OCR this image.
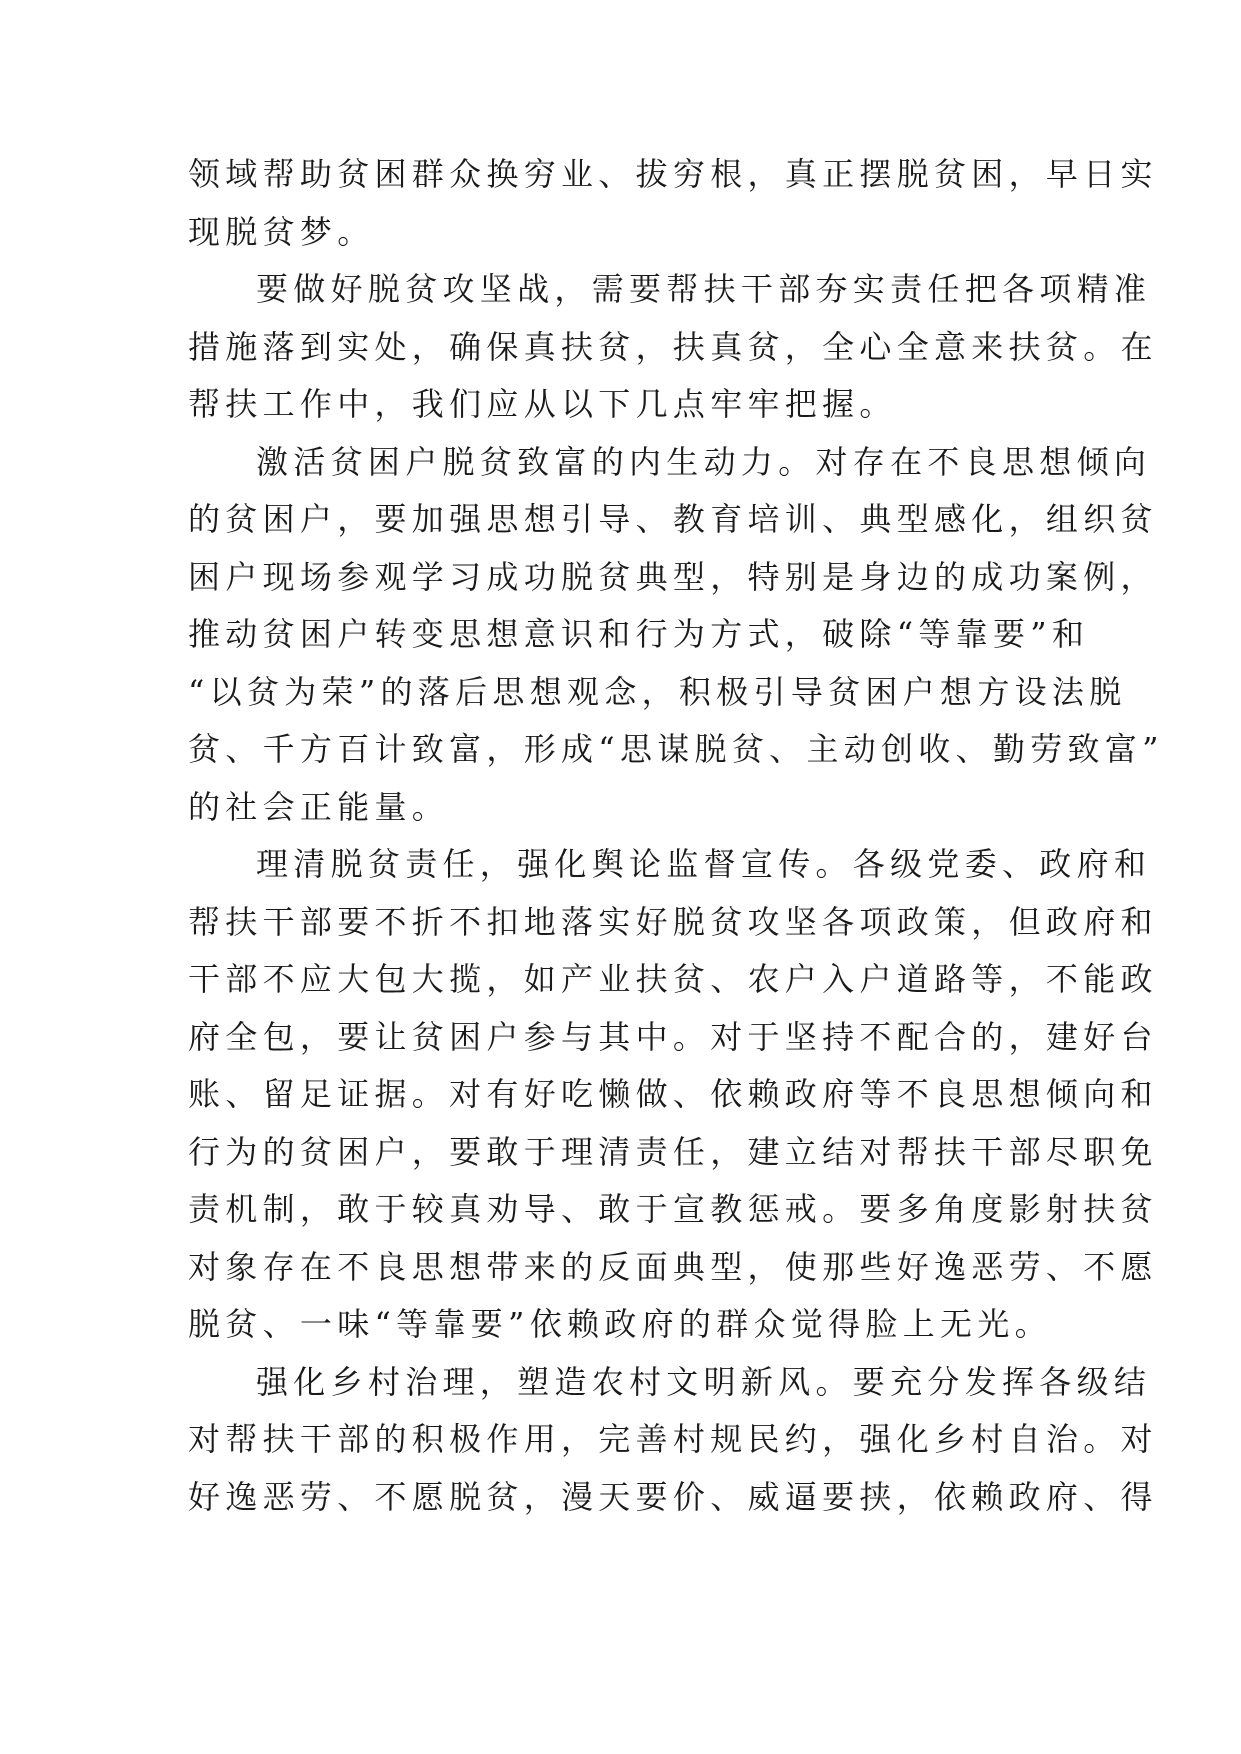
领域帮助贫困群众换穷业、拔穷根，真正摆脱贫困，早日实
现脱贫梦。
要做好脱贫攻坚战，需要帮扶干部夯实责任把各项精准
措施落到实处，确保真扶贫，扶真贫，全心全意来扶贫。在
帮扶工作中，我们应从以下几点牢牢把握。
激活贫困户脱贫致富的内生动力。对存在不良思想倾向
的贫困户，要加强思想引导、教育培训、典型感化，组织贫
困户现场参观学习成功脱贫典型，特别是身边的成功案例，
推动贫困户转变思想意识和行为方式，破除“等靠要”和
“以贫为荣”的落后思想观念，积极引导贫困户想方设法脱
贫、千方百计致富，形成“思谋脱贫、主动创收、勤劳致富”
的社会正能量。
理清脱贫责任，强化舆论监督宣传。各级党委、政府和
帮扶干部要不折不扣地落实好脱贫攻坚各项政策，但政府和
干部不应大包大揽，如产业扶贫、农户入户道路等，不能政
府全包，要让贫困户参与其中。对于坚持不配合的，建好台
账、留足证据。对有好吃懒做、依赖政府等不良思想倾向和
行为的贫困户，要敢于理清责任，建立结对帮扶干部尽职免
责机制，敢于较真劝导、敢于宣教惩戒。要多角度影射扶贫
对象存在不良思想带来的反面典型，使那些好逸恶劳、不愿
脱贫、一味“等靠要”依赖政府的群众觉得脸上无光。
强化乡村治理，塑造农村文明新风。要充分发挥各级结
对帮扶干部的积极作用，完善村规民约，强化乡村自治。对
好逸恶劳、不愿脱贫，漫天要价、威逼要挟，依赖政府、得
